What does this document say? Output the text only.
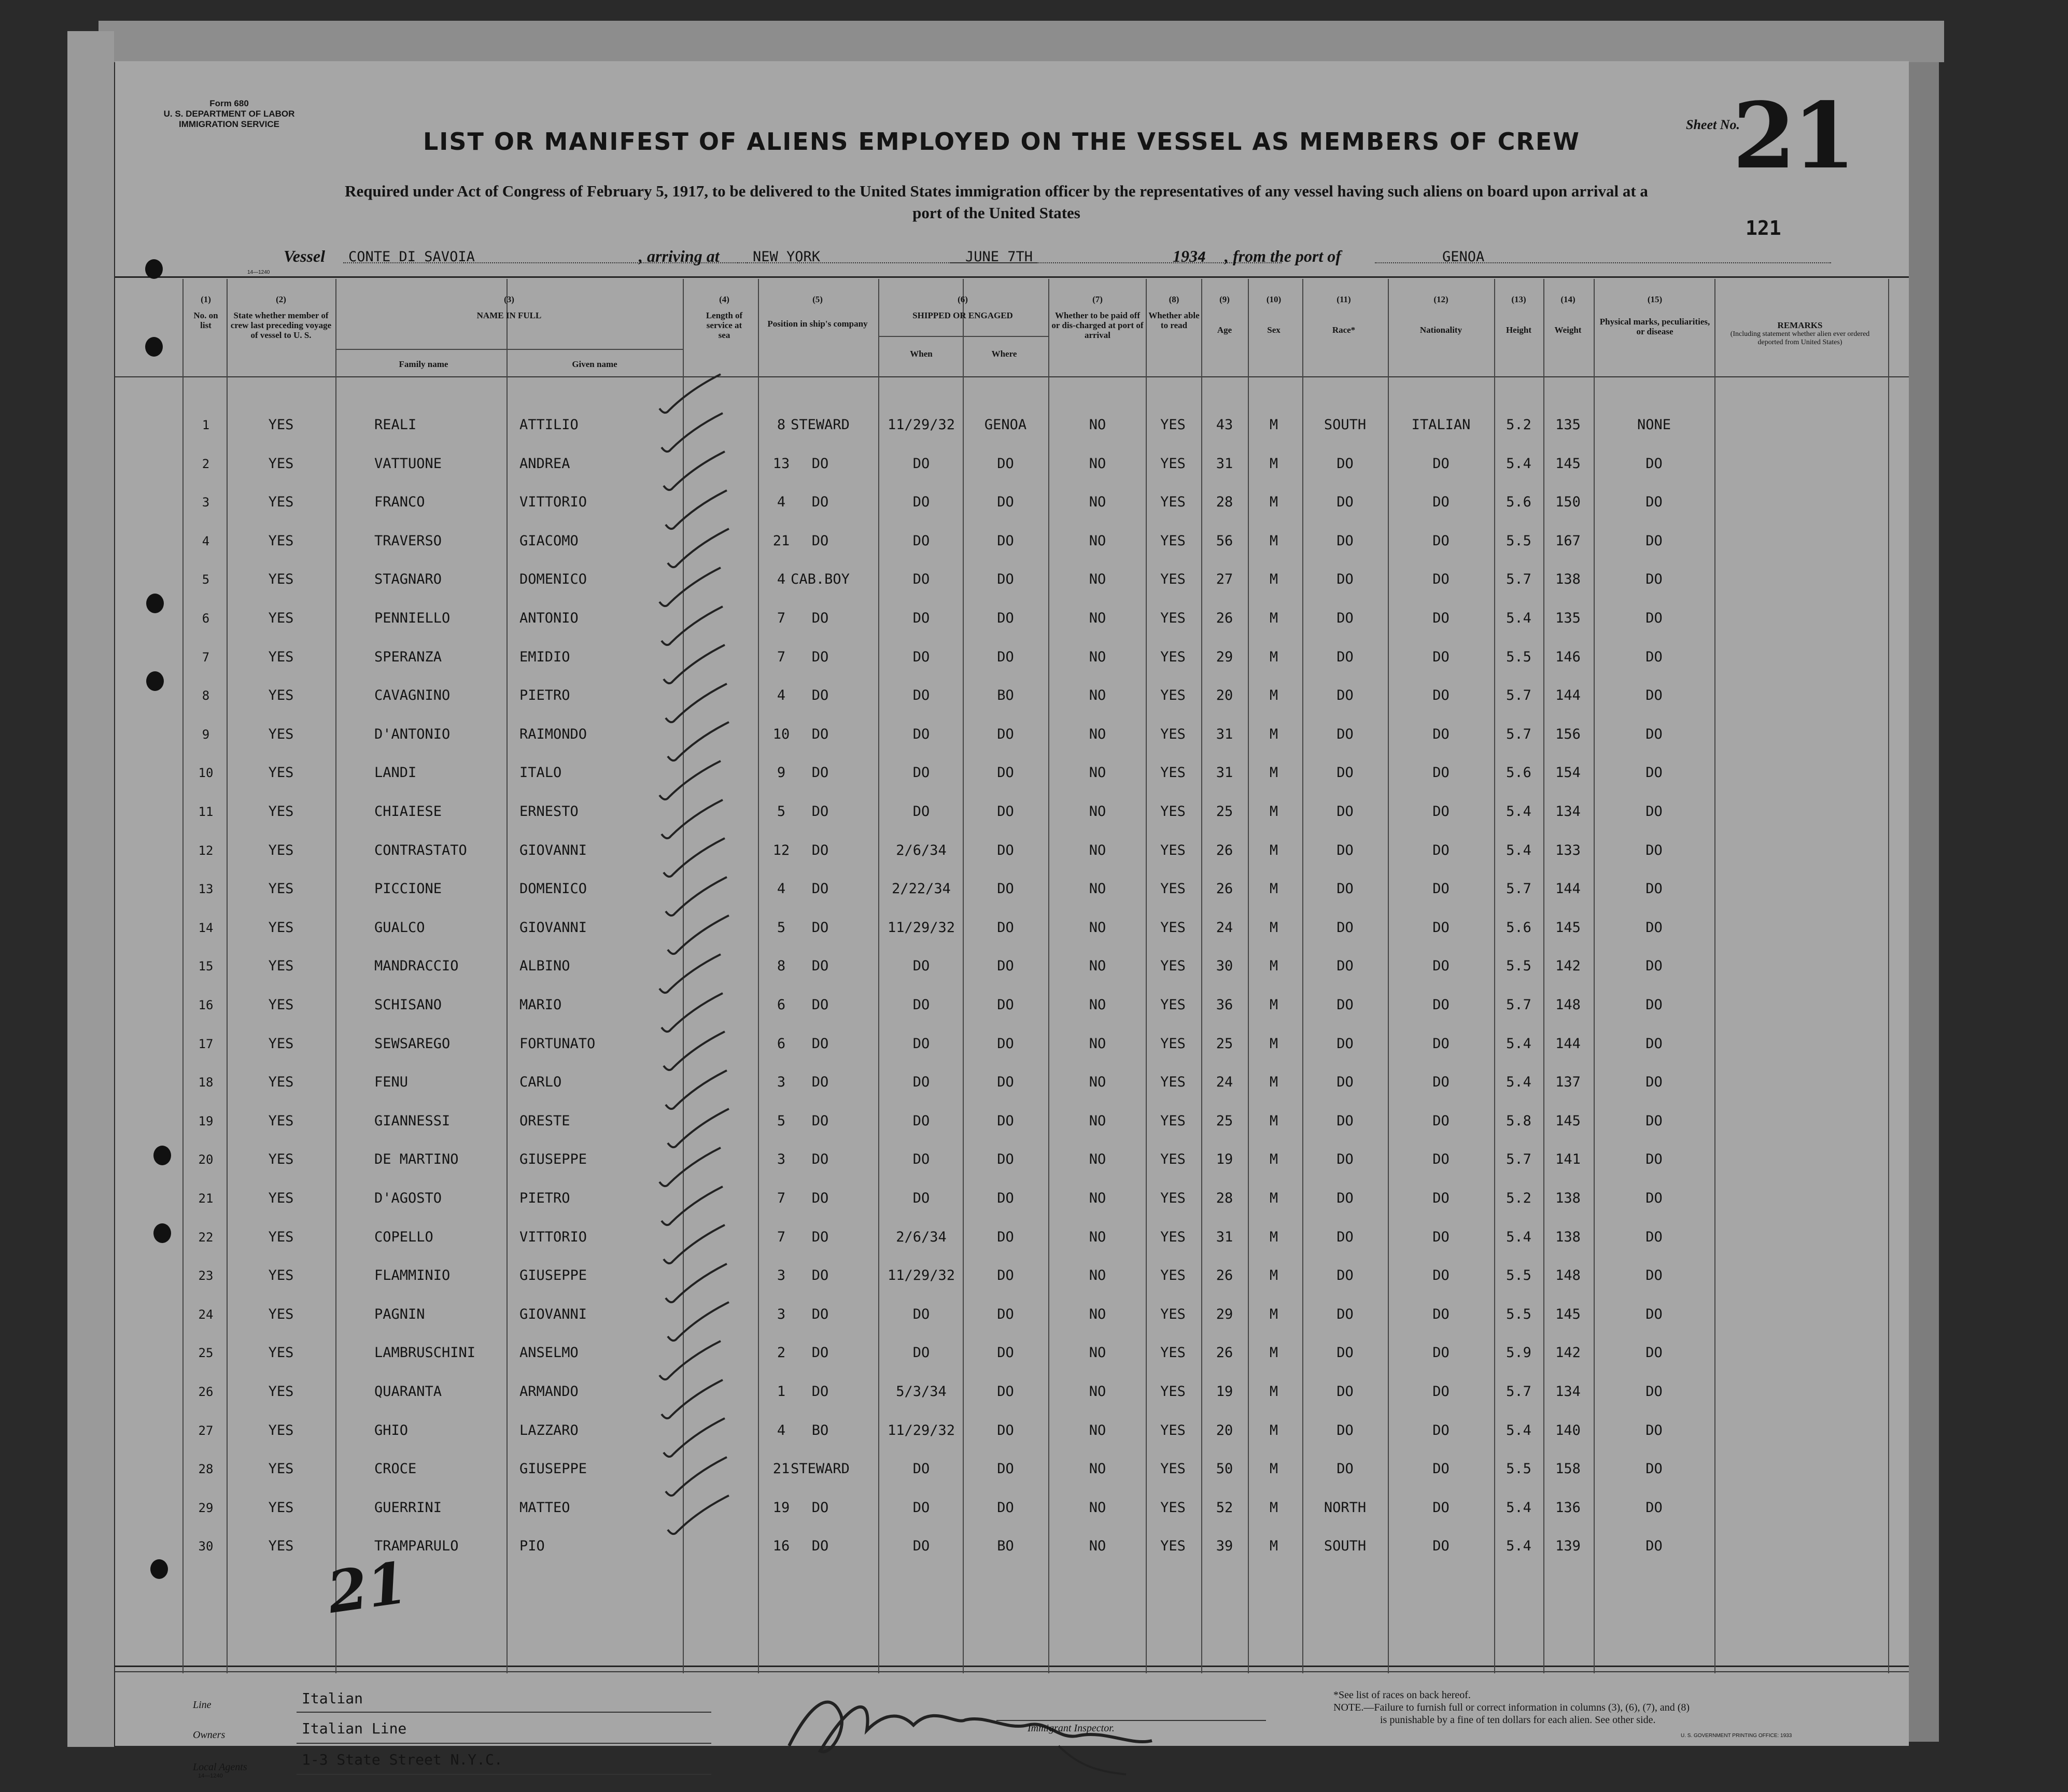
Form 680
U. S. DEPARTMENT OF LABOR
IMMIGRATION SERVICE
LIST OR MANIFEST OF ALIENS EMPLOYED ON THE VESSEL AS MEMBERS OF CREW
Required under Act of Congress of February 5, 1917, to be delivered to the United States immigration officer by the representatives of any vessel having such aliens on board upon arrival at a
port of the United States
Sheet No.
21
121
Vessel CONTE DI SAVOIA	, arriving at NEW YORK	JUNE 7TH	1934 , from the port of	GENOA
14—1240
(1)
No. on list
(2)
State whether member of crew last preceding voyage of vessel to U. S.
(3)
NAME IN FULL
Family name	Given name
(4)
Length of service at sea
(5)
Position in ship's company
(6)
SHIPPED OR ENGAGED
When	Where
(7)
Whether to be paid off or dis-charged at port of arrival
(8)
Whether able to read
(9)
Age
(10)
Sex
(11)
Race*
(12)
Nationality
(13)
Height
(14)
Weight
(15)
Physical marks, peculiarities, or disease
REMARKS
(Including statement whether alien ever ordered deported from United States)
1	YES	REALI	ATTILIO	8 STEWARD	11/29/32	GENOA	NO	YES	43	M	SOUTH	ITALIAN	5.2	135	NONE
2	YES	VATTUONE	ANDREA	13	DO	DO	DO	NO	YES	31	M	DO	DO	5.4	145	DO
3	YES	FRANCO	VITTORIO	4	DO	DO	DO	NO	YES	28	M	DO	DO	5.6	150	DO
4	YES	TRAVERSO	GIACOMO	21	DO	DO	DO	NO	YES	56	M	DO	DO	5.5	167	DO
5	YES	STAGNARO	DOMENICO	4 CAB.BOY	DO	DO	NO	YES	27	M	DO	DO	5.7	138	DO
6	YES	PENNIELLO	ANTONIO	7	DO	DO	DO	NO	YES	26	M	DO	DO	5.4	135	DO
7	YES	SPERANZA	EMIDIO	7	DO	DO	DO	NO	YES	29	M	DO	DO	5.5	146	DO
8	YES	CAVAGNINO	PIETRO	4	DO	DO	BO	NO	YES	20	M	DO	DO	5.7	144	DO
9	YES	D'ANTONIO	RAIMONDO	10	DO	DO	DO	NO	YES	31	M	DO	DO	5.7	156	DO
10	YES	LANDI	ITALO	9	DO	DO	DO	NO	YES	31	M	DO	DO	5.6	154	DO
11	YES	CHIAIESE	ERNESTO	5	DO	DO	DO	NO	YES	25	M	DO	DO	5.4	134	DO
12	YES	CONTRASTATO	GIOVANNI	12	DO	2/6/34	DO	NO	YES	26	M	DO	DO	5.4	133	DO
13	YES	PICCIONE	DOMENICO	4	DO	2/22/34	DO	NO	YES	26	M	DO	DO	5.7	144	DO
14	YES	GUALCO	GIOVANNI	5	DO	11/29/32	DO	NO	YES	24	M	DO	DO	5.6	145	DO
15	YES	MANDRACCIO	ALBINO	8	DO	DO	DO	NO	YES	30	M	DO	DO	5.5	142	DO
16	YES	SCHISANO	MARIO	6	DO	DO	DO	NO	YES	36	M	DO	DO	5.7	148	DO
17	YES	SEWSAREGO	FORTUNATO	6	DO	DO	DO	NO	YES	25	M	DO	DO	5.4	144	DO
18	YES	FENU	CARLO	3	DO	DO	DO	NO	YES	24	M	DO	DO	5.4	137	DO
19	YES	GIANNESSI	ORESTE	5	DO	DO	DO	NO	YES	25	M	DO	DO	5.8	145	DO
20	YES	DE MARTINO	GIUSEPPE	3	DO	DO	DO	NO	YES	19	M	DO	DO	5.7	141	DO
21	YES	D'AGOSTO	PIETRO	7	DO	DO	DO	NO	YES	28	M	DO	DO	5.2	138	DO
22	YES	COPELLO	VITTORIO	7	DO	2/6/34	DO	NO	YES	31	M	DO	DO	5.4	138	DO
23	YES	FLAMMINIO	GIUSEPPE	3	DO	11/29/32	DO	NO	YES	26	M	DO	DO	5.5	148	DO
24	YES	PAGNIN	GIOVANNI	3	DO	DO	DO	NO	YES	29	M	DO	DO	5.5	145	DO
25	YES	LAMBRUSCHINI	ANSELMO	2	DO	DO	DO	NO	YES	26	M	DO	DO	5.9	142	DO
26	YES	QUARANTA	ARMANDO	1	DO	5/3/34	DO	NO	YES	19	M	DO	DO	5.7	134	DO
27	YES	GHIO	LAZZARO	4	BO	11/29/32	DO	NO	YES	20	M	DO	DO	5.4	140	DO
28	YES	CROCE	GIUSEPPE	21 STEWARD	DO	DO	NO	YES	50	M	DO	DO	5.5	158	DO
29	YES	GUERRINI	MATTEO	19	DO	DO	DO	NO	YES	52	M	NORTH	DO	5.4	136	DO
30	YES	TRAMPARULO	PIO	16	DO	DO	BO	NO	YES	39	M	SOUTH	DO	5.4	139	DO
21
Line
Owners
Local Agents
14—1240
Italian
Italian Line
1-3 State Street N.Y.C.
Immigrant Inspector.
*See list of races on back hereof.
NOTE.—Failure to furnish full or correct information in columns (3), (6), (7), and (8)
is punishable by a fine of ten dollars for each alien. See other side.
U. S. GOVERNMENT PRINTING OFFICE: 1933
